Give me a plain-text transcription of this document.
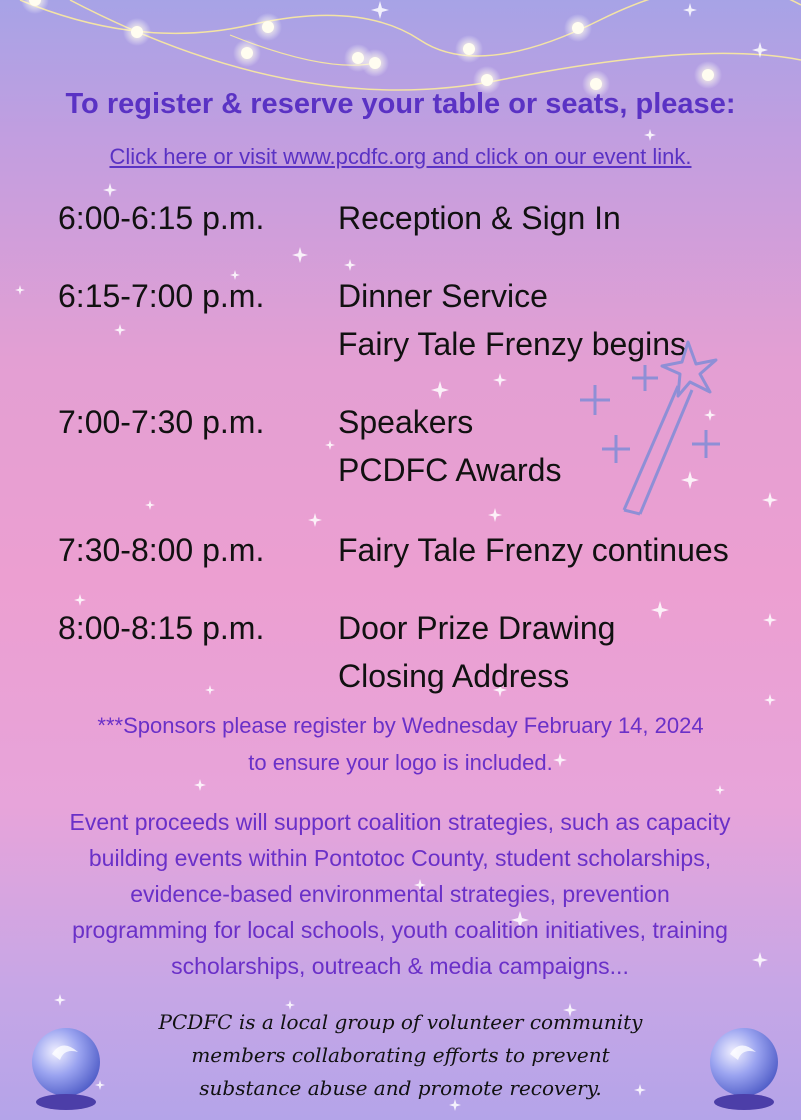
To register & reserve your table or seats, please:
Click here or visit www.pcdfc.org and click on our event link.
6:00-6:15 p.m. Reception & Sign In
6:15-7:00 p.m. Dinner Service
Fairy Tale Frenzy begins
7:00-7:30 p.m. Speakers
PCDFC Awards
7:30-8:00 p.m. Fairy Tale Frenzy continues
8:00-8:15 p.m. Door Prize Drawing
Closing Address
***Sponsors please register by Wednesday February 14, 2024
to ensure your logo is included.
Event proceeds will support coalition strategies, such as capacity
building events within Pontotoc County, student scholarships,
evidence-based environmental strategies, prevention
programming for local schools, youth coalition initiatives, training
scholarships, outreach & media campaigns...
PCDFC is a local group of volunteer community
members collaborating efforts to prevent
substance abuse and promote recovery.
